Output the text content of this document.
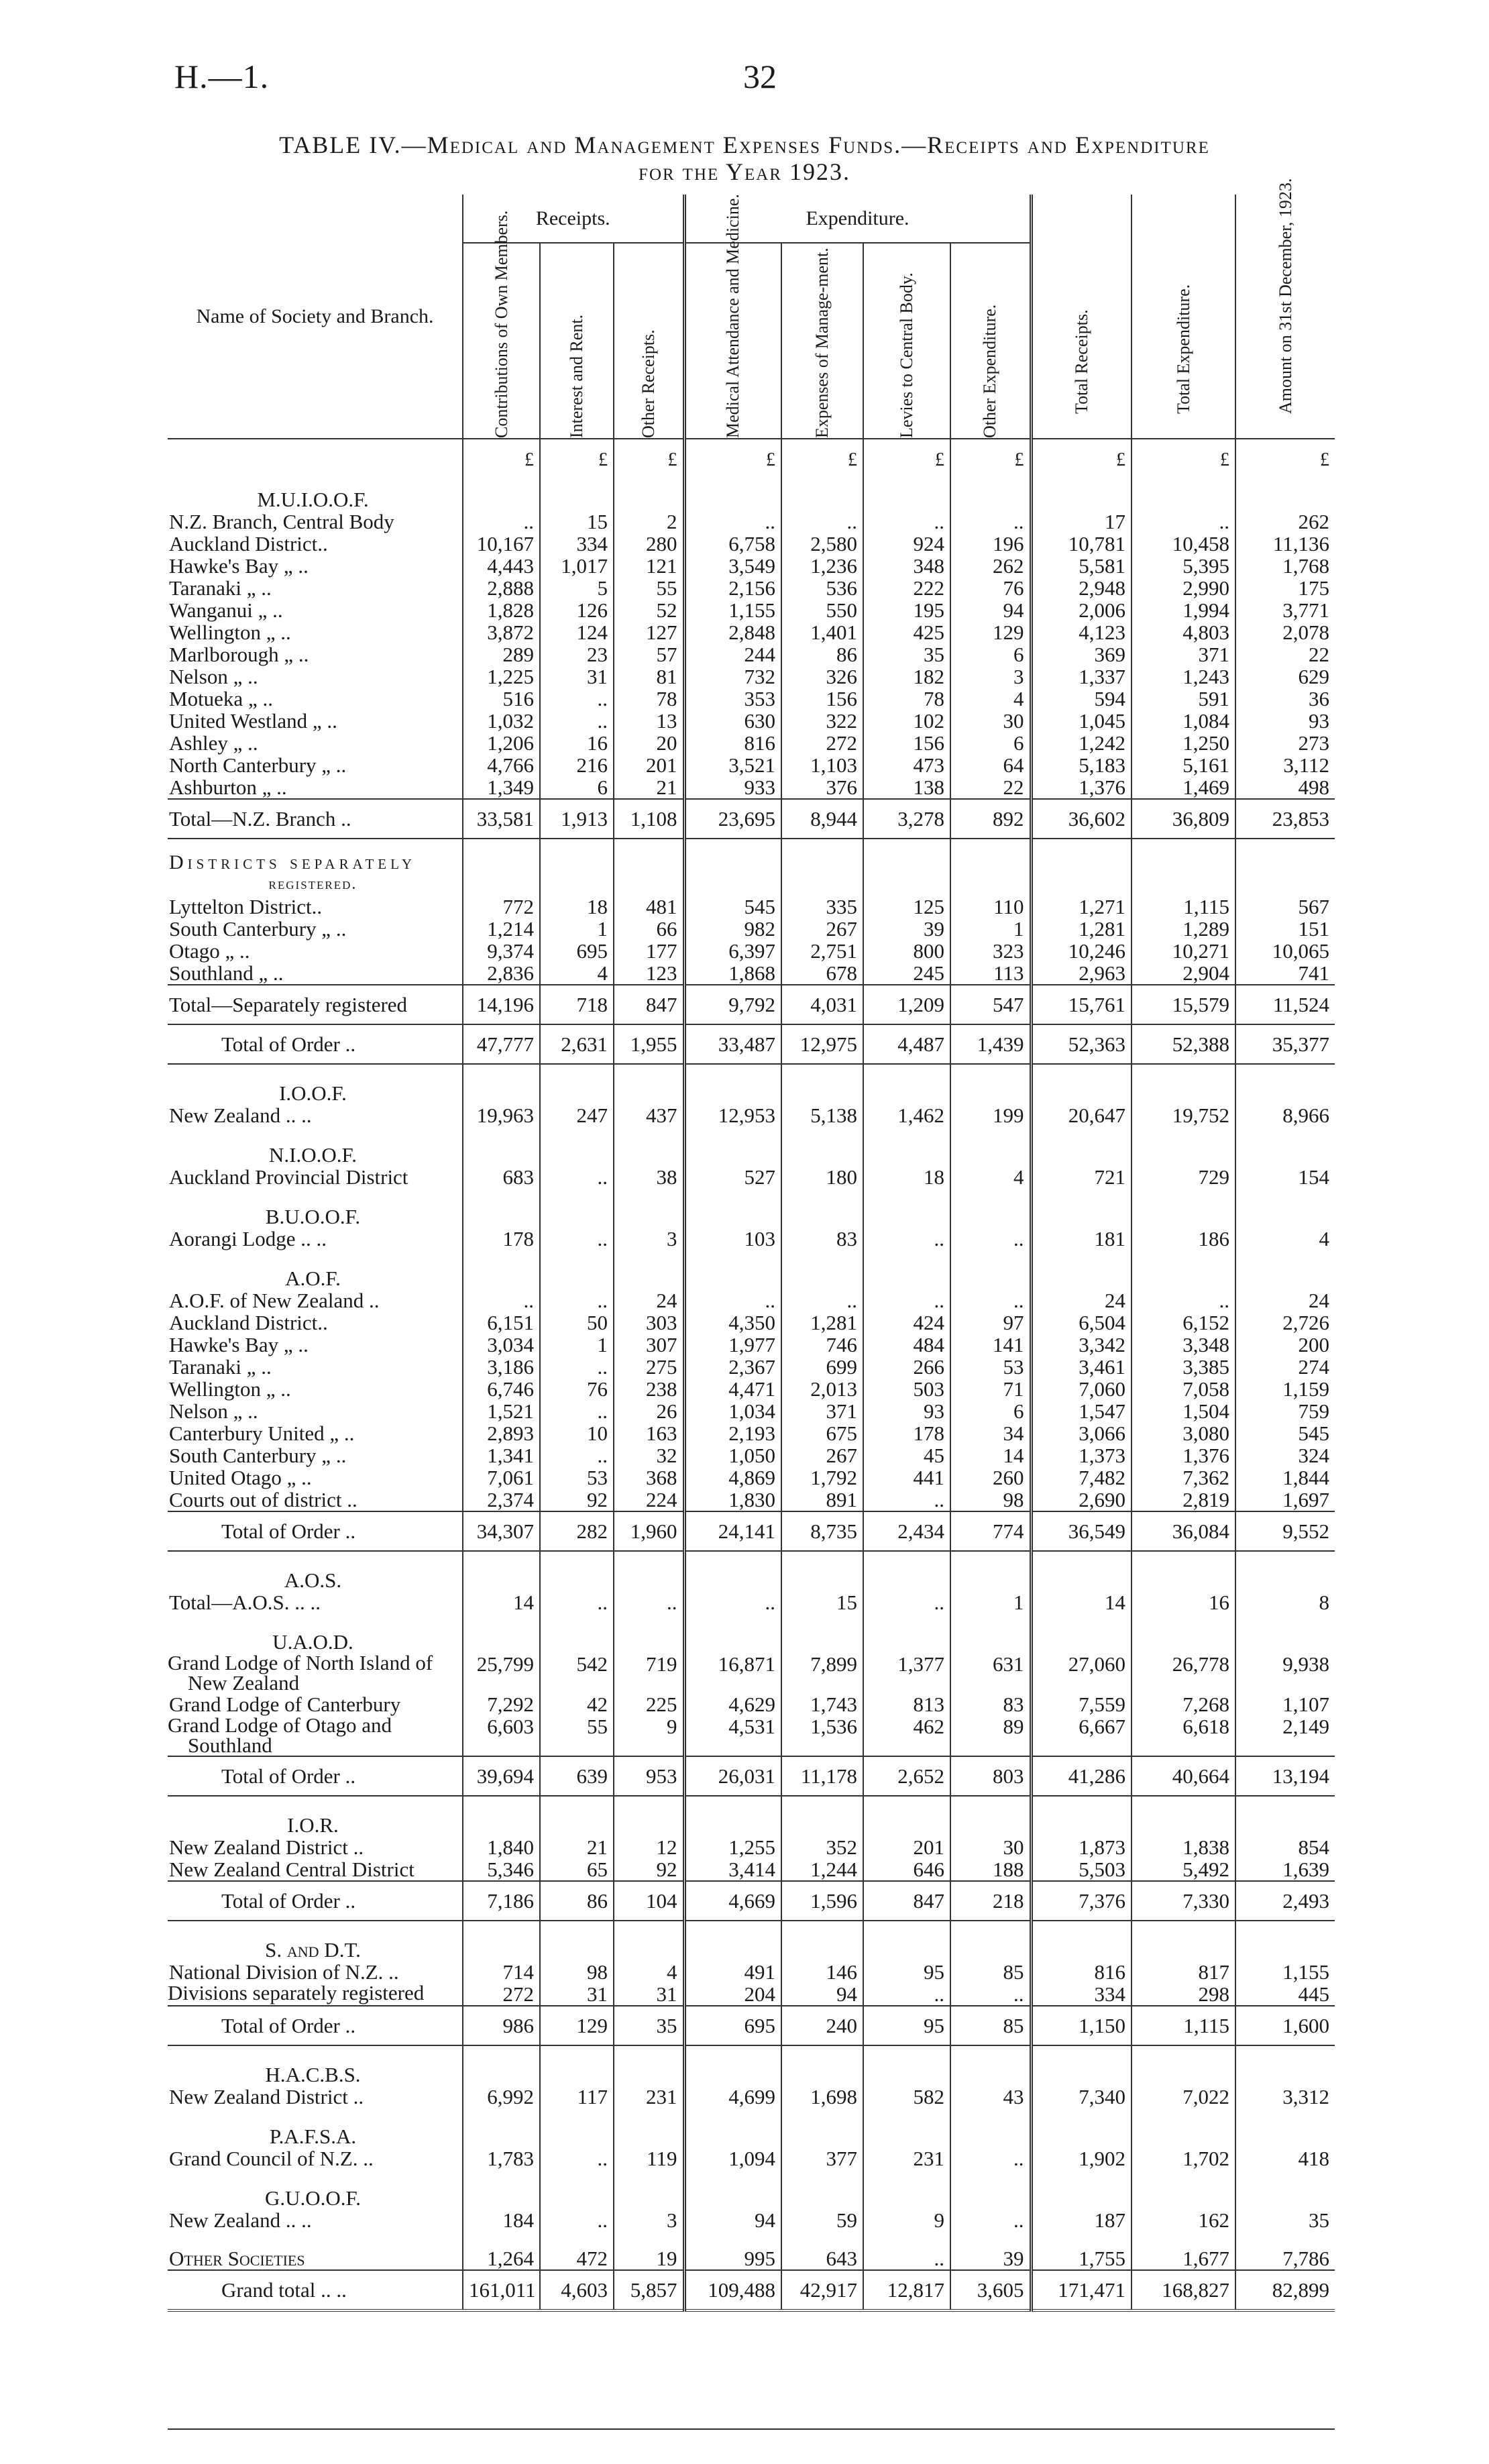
H.—1.	32
TABLE IV.—Medical and Management Expenses Funds.—Receipts and Expenditure
for the Year 1923.
Name of Society and Branch.	Receipts.			Expenditure.				Total Receipts.	Total Expenditure.	Amount on 31st December, 1923.

	Contributions of Own Members.	Interest and Rent.	Other Receipts.	Medical Attendance and Medicine.	Expenses of Manage-ment.	Levies to Central Body.	Other Expenditure.			

	£	£	£	£	£	£	£	£	£	£
M.U.I.O.O.F.										
N.Z. Branch, Central Body	..	15	2	..	..	..	..	17	..	262
Auckland District..	10,167	334	280	6,758	2,580	924	196	10,781	10,458	11,136
Hawke's Bay „ ..	4,443	1,017	121	3,549	1,236	348	262	5,581	5,395	1,768
Taranaki „ ..	2,888	5	55	2,156	536	222	76	2,948	2,990	175
Wanganui „ ..	1,828	126	52	1,155	550	195	94	2,006	1,994	3,771
Wellington „ ..	3,872	124	127	2,848	1,401	425	129	4,123	4,803	2,078
Marlborough „ ..	289	23	57	244	86	35	6	369	371	22
Nelson „ ..	1,225	31	81	732	326	182	3	1,337	1,243	629
Motueka „ ..	516	..	78	353	156	78	4	594	591	36
United Westland „ ..	1,032	..	13	630	322	102	30	1,045	1,084	93
Ashley „ ..	1,206	16	20	816	272	156	6	1,242	1,250	273
North Canterbury „ ..	4,766	216	201	3,521	1,103	473	64	5,183	5,161	3,112
Ashburton „ ..	1,349	6	21	933	376	138	22	1,376	1,469	498
Total—N.Z. Branch ..	33,581	1,913	1,108	23,695	8,944	3,278	892	36,602	36,809	23,853

Districts separately
registered.										

Lyttelton District..	772	18	481	545	335	125	110	1,271	1,115	567
South Canterbury „ ..	1,214	1	66	982	267	39	1	1,281	1,289	151
Otago „ ..	9,374	695	177	6,397	2,751	800	323	10,246	10,271	10,065
Southland „ ..	2,836	4	123	1,868	678	245	113	2,963	2,904	741
Total—Separately registered	14,196	718	847	9,792	4,031	1,209	547	15,761	15,579	11,524
Total of Order ..	47,777	2,631	1,955	33,487	12,975	4,487	1,439	52,363	52,388	35,377
I.O.O.F.										
New Zealand .. ..	19,963	247	437	12,953	5,138	1,462	199	20,647	19,752	8,966
N.I.O.O.F.										
Auckland Provincial District	683	..	38	527	180	18	4	721	729	154
B.U.O.O.F.										
Aorangi Lodge .. ..	178	..	3	103	83	..	..	181	186	4
A.O.F.										
A.O.F. of New Zealand ..	..	..	24	..	..	..	..	24	..	24
Auckland District..	6,151	50	303	4,350	1,281	424	97	6,504	6,152	2,726
Hawke's Bay „ ..	3,034	1	307	1,977	746	484	141	3,342	3,348	200
Taranaki „ ..	3,186	..	275	2,367	699	266	53	3,461	3,385	274
Wellington „ ..	6,746	76	238	4,471	2,013	503	71	7,060	7,058	1,159
Nelson „ ..	1,521	..	26	1,034	371	93	6	1,547	1,504	759
Canterbury United „ ..	2,893	10	163	2,193	675	178	34	3,066	3,080	545
South Canterbury „ ..	1,341	..	32	1,050	267	45	14	1,373	1,376	324
United Otago „ ..	7,061	53	368	4,869	1,792	441	260	7,482	7,362	1,844
Courts out of district ..	2,374	92	224	1,830	891	..	98	2,690	2,819	1,697
Total of Order ..	34,307	282	1,960	24,141	8,735	2,434	774	36,549	36,084	9,552
A.O.S.										
Total—A.O.S. .. ..	14	..	..	..	15	..	1	14	16	8
U.A.O.D.										
Grand Lodge of North Island of New Zealand	25,799	542	719	16,871	7,899	1,377	631	27,060	26,778	9,938
Grand Lodge of Canterbury	7,292	42	225	4,629	1,743	813	83	7,559	7,268	1,107
Grand Lodge of Otago and Southland	6,603	55	9	4,531	1,536	462	89	6,667	6,618	2,149
Total of Order ..	39,694	639	953	26,031	11,178	2,652	803	41,286	40,664	13,194
I.O.R.										
New Zealand District ..	1,840	21	12	1,255	352	201	30	1,873	1,838	854
New Zealand Central District	5,346	65	92	3,414	1,244	646	188	5,503	5,492	1,639
Total of Order ..	7,186	86	104	4,669	1,596	847	218	7,376	7,330	2,493
S. and D.T.										
National Division of N.Z. ..	714	98	4	491	146	95	85	816	817	1,155
Divisions separately registered	272	31	31	204	94	..	..	334	298	445
Total of Order ..	986	129	35	695	240	95	85	1,150	1,115	1,600
H.A.C.B.S.										
New Zealand District ..	6,992	117	231	4,699	1,698	582	43	7,340	7,022	3,312
P.A.F.S.A.										
Grand Council of N.Z. ..	1,783	..	119	1,094	377	231	..	1,902	1,702	418
G.U.O.O.F.										
New Zealand .. ..	184	..	3	94	59	9	..	187	162	35
Other Societies	1,264	472	19	995	643	..	39	1,755	1,677	7,786
Grand total .. ..	161,011	4,603	5,857	109,488	42,917	12,817	3,605	171,471	168,827	82,899
